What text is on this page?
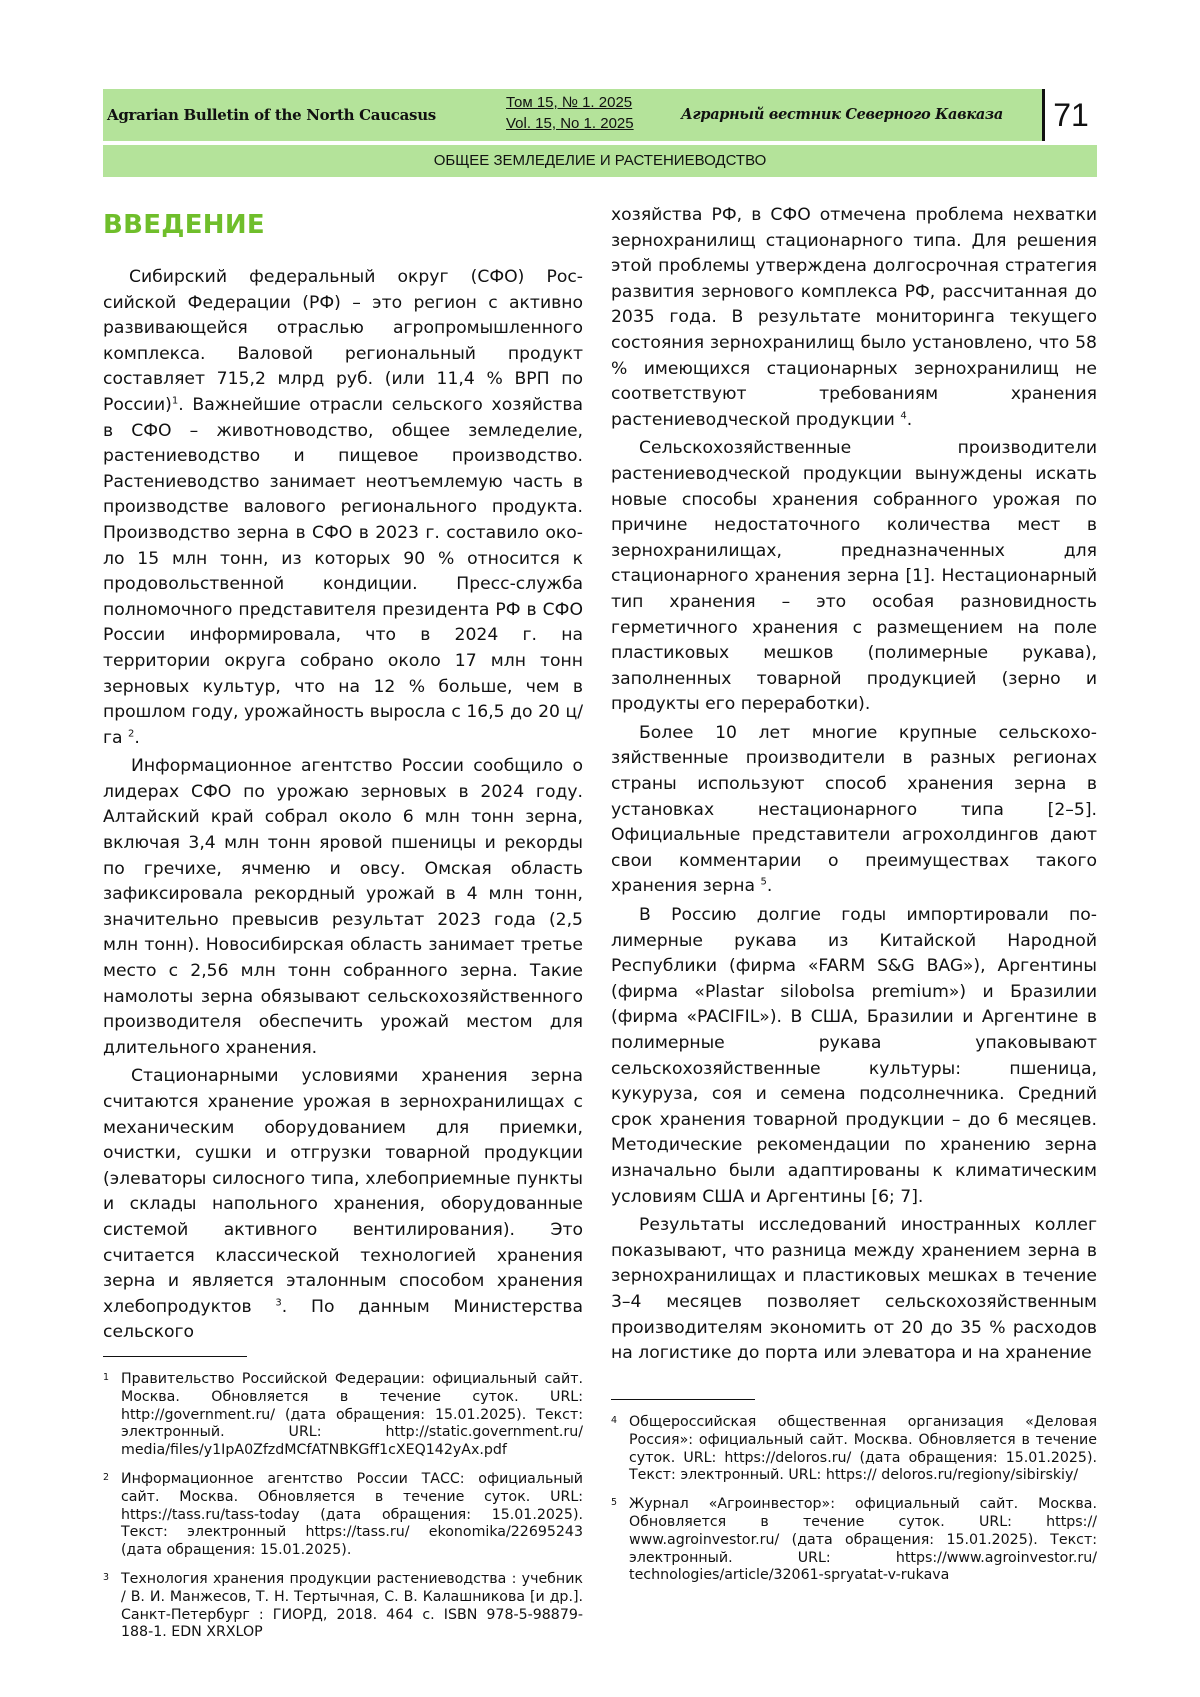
Agrarian Bulletin of the North Caucasus
Том 15, № 1. 2025
Vol. 15, No 1. 2025
Аграрный вестник Северного Кавказа	71
ОБЩЕЕ ЗЕМЛЕДЕЛИЕ И РАСТЕНИЕВОДСТВО
ВВЕДЕНИЕ

Сибирский федеральный округ (СФО) Российской Федерации (РФ) – это регион с активно развивающейся отраслью агропромышленного комплекса. Валовой региональный продукт составляет 715,2 млрд руб. (или 11,4 % ВРП по России)$^1$. Важнейшие отрасли сельского хозяйства в СФО – животноводство, общее земледелие, растениеводство и пищевое производство. Растениеводство занимает неотъемлемую часть в производстве валового регионального продукта. Производство зерна в СФО в 2023 г. составило около 15 млн тонн, из которых 90 % относится к продовольственной кондиции. Пресс-служба полномочного представителя президента РФ в СФО России информировала, что в 2024 г. на территории округа собрано около 17 млн тонн зерновых культур, что на 12 % больше, чем в прошлом году, урожайность выросла с 16,5 до 20 ц/га $^2$.

Информационное агентство России сообщило о лидерах СФО по урожаю зерновых в 2024 году. Алтайский край собрал около 6 млн тонн зерна, включая 3,4 млн тонн яровой пшеницы и рекорды по гречихе, ячменю и овсу. Омская область зафиксировала рекордный урожай в 4 млн тонн, значительно превысив результат 2023 года (2,5 млн тонн). Новосибирская область занимает третье место с 2,56 млн тонн собранного зерна. Такие намолоты зерна обязывают сельскохозяйственного производителя обеспечить урожай местом для длительного хранения.

Стационарными условиями хранения зерна считаются хранение урожая в зернохранилищах с механическим оборудованием для приемки, очистки, сушки и отгрузки товарной продукции (элеваторы силосного типа, хлебоприемные пункты и склады напольного хранения, оборудованные системой активного вентилирования). Это считается классической технологией хранения зерна и является эталонным способом хранения хлебопродуктов $^3$. По данным Министерства сельского

1 Правительство Российской Федерации: официальный сайт. Москва. Обновляется в течение суток. URL: http://government.ru/ (дата обращения: 15.01.2025). Текст: электронный. URL: http://static.government.ru/ media/files/y1IpA0ZfzdMCfATNBKGff1cXEQ142yAx.pdf
2 Информационное агентство России ТАСС: официальный сайт. Москва. Обновляется в течение суток. URL: https://tass.ru/tass-today (дата обращения: 15.01.2025). Текст: электронный https://tass.ru/ ekonomika/22695243 (дата обращения: 15.01.2025).
3 Технология хранения продукции растениеводства : учебник / В. И. Манжесов, Т. Н. Тертычная, С. В. Калашникова [и др.]. Санкт-Петербург : ГИОРД, 2018. 464 с. ISBN 978-5-98879-188-1. EDN XRXLOP

хозяйства РФ, в СФО отмечена проблема нехватки зернохранилищ стационарного типа. Для решения этой проблемы утверждена долгосрочная стратегия развития зернового комплекса РФ, рассчитанная до 2035 года. В результате мониторинга текущего состояния зернохранилищ было установлено, что 58 % имеющихся стационарных зернохранилищ не соответствуют требованиям хранения растениеводческой продукции $^4$.

Сельскохозяйственные производители растениеводческой продукции вынуждены искать новые способы хранения собранного урожая по причине недостаточного количества мест в зернохранилищах, предназначенных для стационарного хранения зерна [1]. Нестационарный тип хранения – это особая разновидность герметичного хранения с размещением на поле пластиковых мешков (полимерные рукава), заполненных товарной продукцией (зерно и продукты его переработки).

Более 10 лет многие крупные сельскохозяйственные производители в разных регионах страны используют способ хранения зерна в установках нестационарного типа [2–5]. Официальные представители агрохолдингов дают свои комментарии о преимуществах такого хранения зерна $^5$.

В Россию долгие годы импортировали полимерные рукава из Китайской Народной Республики (фирма «FARM S&G BAG»), Аргентины (фирма «Plastar silobolsa premium») и Бразилии (фирма «PACIFIL»). В США, Бразилии и Аргентине в полимерные рукава упаковывают сельскохозяйственные культуры: пшеница, кукуруза, соя и семена подсолнечника. Средний срок хранения товарной продукции – до 6 месяцев. Методические рекомендации по хранению зерна изначально были адаптированы к климатическим условиям США и Аргентины [6; 7].

Результаты исследований иностранных коллег показывают, что разница между хранением зерна в зернохранилищах и пластиковых мешках в течение 3–4 месяцев позволяет сельскохозяйственным производителям экономить от 20 до 35 % расходов на логистике до порта или элеватора и на хранение

4 Общероссийская общественная организация «Деловая Россия»: официальный сайт. Москва. Обновляется в течение суток. URL: https://deloros.ru/ (дата обращения: 15.01.2025). Текст: электронный. URL: https:// deloros.ru/regiony/sibirskiy/
5 Журнал «Агроинвестор»: официальный сайт. Москва. Обновляется в течение суток. URL: https:// www.agroinvestor.ru/ (дата обращения: 15.01.2025). Текст: электронный. URL: https://www.agroinvestor.ru/ technologies/article/32061-spryatat-v-rukava
